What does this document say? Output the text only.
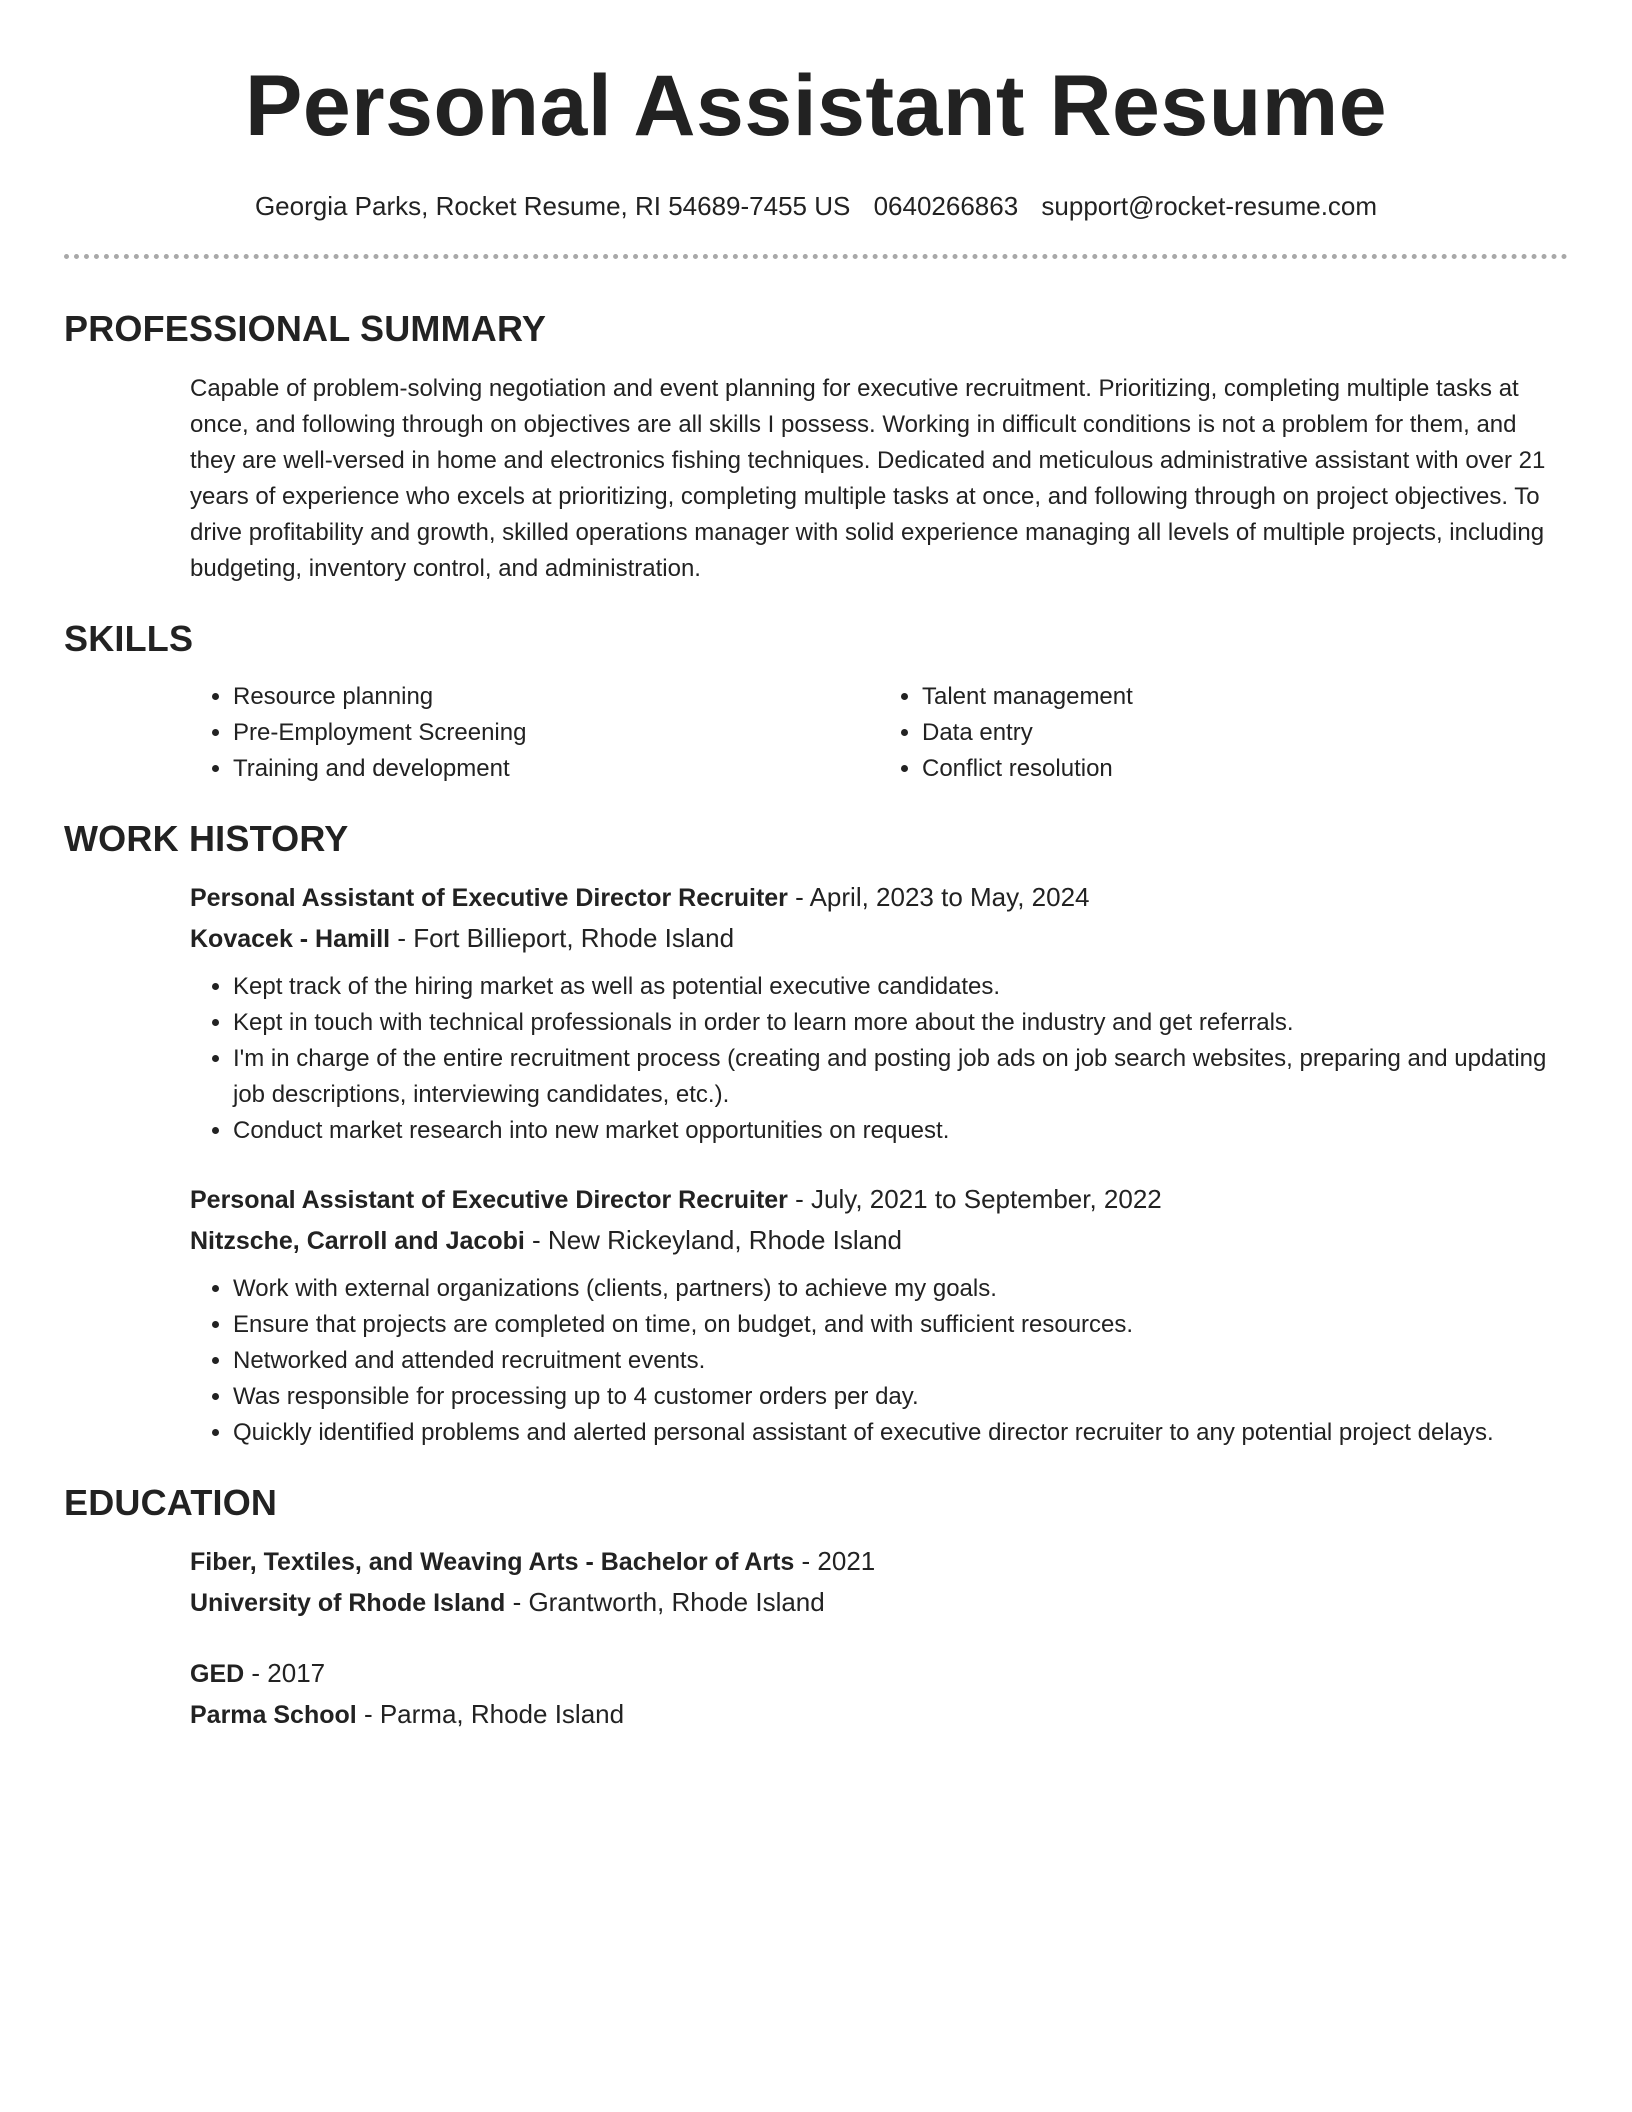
Personal Assistant Resume
Georgia Parks, Rocket Resume, RI 54689-7455 US 0640266863 support@rocket-resume.com
PROFESSIONAL SUMMARY

Capable of problem-solving negotiation and event planning for executive recruitment. Prioritizing, completing multiple tasks at once, and following through on objectives are all skills I possess. Working in difficult conditions is not a problem for them, and they are well-versed in home and electronics fishing techniques. Dedicated and meticulous administrative assistant with over 21 years of experience who excels at prioritizing, completing multiple tasks at once, and following through on project objectives. To drive profitability and growth, skilled operations manager with solid experience managing all levels of multiple projects, including budgeting, inventory control, and administration.

SKILLS
• Resource planning
• Pre-Employment Screening
• Training and development
• Talent management
• Data entry
• Conflict resolution
WORK HISTORY
Personal Assistant of Executive Director Recruiter - April, 2023 to May, 2024
Kovacek - Hamill - Fort Billieport, Rhode Island
• Kept track of the hiring market as well as potential executive candidates.
• Kept in touch with technical professionals in order to learn more about the industry and get referrals.
• I'm in charge of the entire recruitment process (creating and posting job ads on job search websites, preparing and updating job descriptions, interviewing candidates, etc.).
• Conduct market research into new market opportunities on request.
Personal Assistant of Executive Director Recruiter - July, 2021 to September, 2022
Nitzsche, Carroll and Jacobi - New Rickeyland, Rhode Island
• Work with external organizations (clients, partners) to achieve my goals.
• Ensure that projects are completed on time, on budget, and with sufficient resources.
• Networked and attended recruitment events.
• Was responsible for processing up to 4 customer orders per day.
• Quickly identified problems and alerted personal assistant of executive director recruiter to any potential project delays.
EDUCATION
Fiber, Textiles, and Weaving Arts - Bachelor of Arts - 2021
University of Rhode Island - Grantworth, Rhode Island
GED - 2017
Parma School - Parma, Rhode Island
